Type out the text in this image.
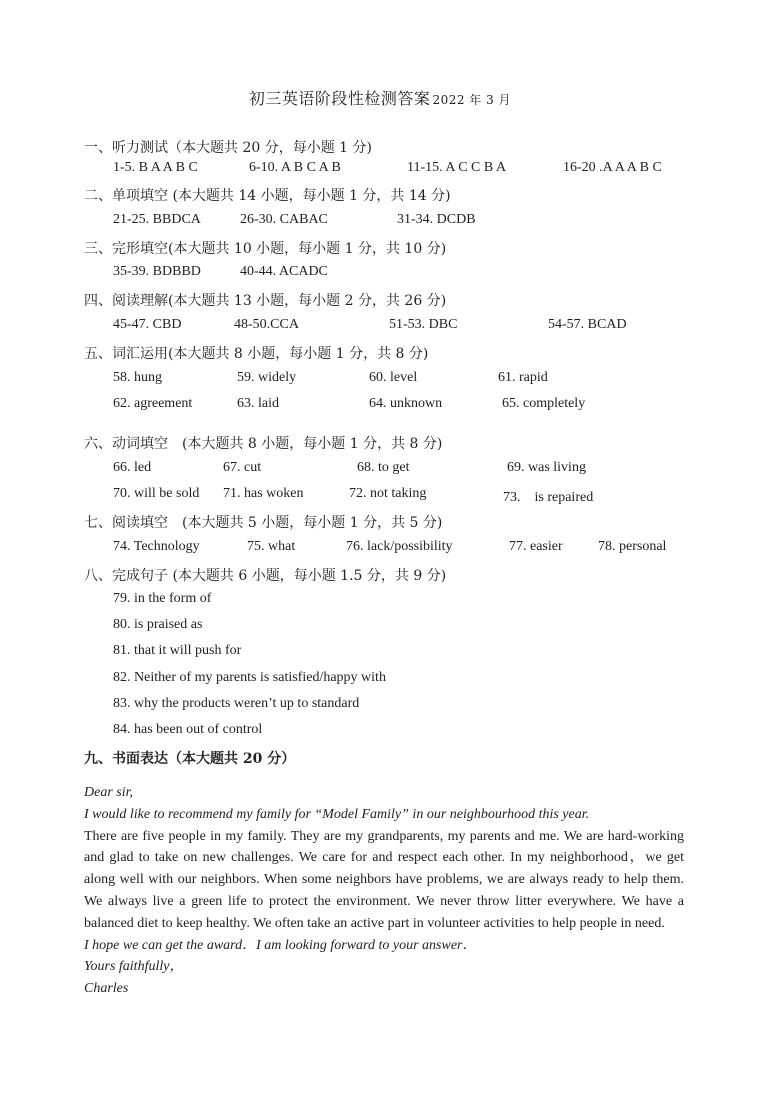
初三英语阶段性检测答案 2022 年 3 月
一、听力测试（本大题共 20 分，每小题 1 分)
1-5. B A A B C	6-10. A B C A B	11-15. A C C B A	16-20 .A A A B C
二、单项填空 (本大题共 14 小题，每小题 1 分，共 14 分)
21-25. BBDCA	26-30. CABAC	31-34. DCDB
三、完形填空(本大题共 10 小题，每小题 1 分，共 10 分)
35-39. BDBBD	40-44. ACADC
四、阅读理解(本大题共 13 小题，每小题 2 分，共 26 分)
45-47. CBD	48-50.CCA	51-53. DBC	54-57. BCAD
五、词汇运用(本大题共 8 小题，每小题 1 分，共 8 分)
58. hung	59. widely	60. level	61. rapid
62. agreement	63. laid	64. unknown	65. completely
六、动词填空　(本大题共 8 小题，每小题 1 分，共 8 分)
66. led	67. cut	68. to get	69. was living
70. will be sold 71. has woken	72. not taking	73.　is repaired
七、阅读填空　(本大题共 5 小题，每小题 1 分，共 5 分)
74. Technology	75. what	76. lack/possibility	77. easier	78. personal
八、完成句子 (本大题共 6 小题，每小题 1.5 分，共 9 分)
79. in the form of
80. is praised as
81. that it will push for
82. Neither of my parents is satisfied/happy with
83. why the products weren’t up to standard
84. has been out of control
九、书面表达（本大题共 20 分）

Dear sir,

I would like to recommend my family for “Model Family” in our neighbourhood this year.

There are five people in my family. They are my grandparents, my parents and me. We are hard-working and glad to take on new challenges. We care for and respect each other. In my neighborhood，we get along well with our neighbors. When some neighbors have problems, we are always ready to help them. We always live a green life to protect the environment. We never throw litter everywhere. We have a balanced diet to keep healthy. We often take an active part in volunteer activities to help people in need.

I hope we can get the award．I am looking forward to your answer．

Yours faithfully，

Charles
